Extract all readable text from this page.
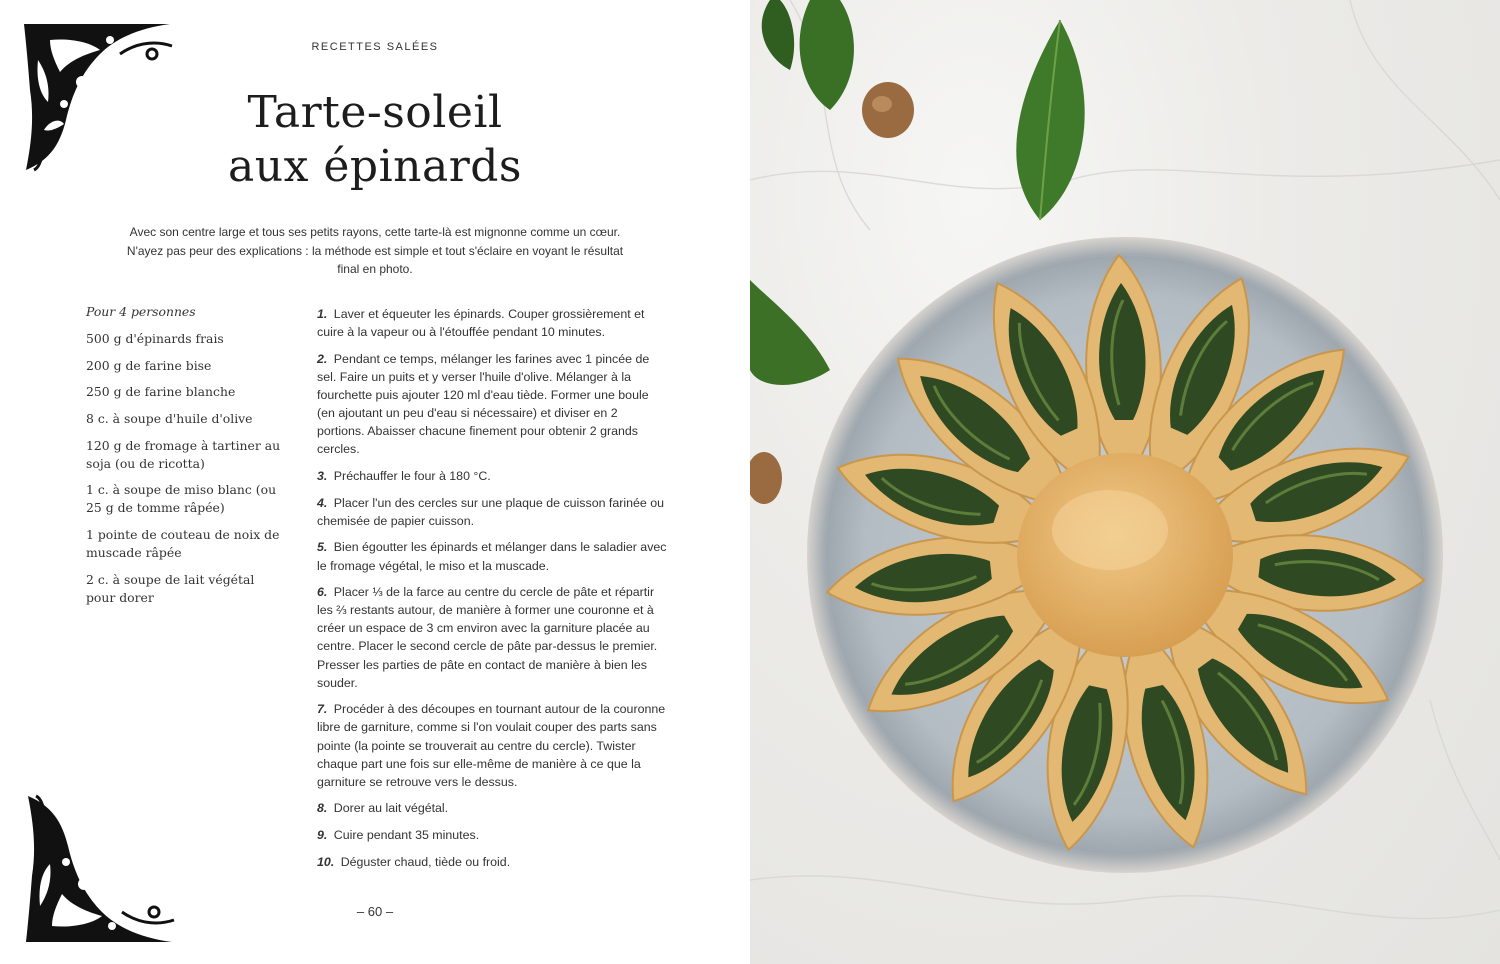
RECETTES SALÉES
Tarte-soleil
aux épinards

Avec son centre large et tous ses petits rayons, cette tarte-là est mignonne comme un cœur. N'ayez pas peur des explications : la méthode est simple et tout s'éclaire en voyant le résultat final en photo.

Pour 4 personnes

500 g d'épinards frais
200 g de farine bise
250 g de farine blanche
8 c. à soupe d'huile d'olive
120 g de fromage à tartiner au soja (ou de ricotta)
1 c. à soupe de miso blanc (ou 25 g de tomme râpée)
1 pointe de couteau de noix de muscade râpée
2 c. à soupe de lait végétal pour dorer
1. Laver et équeuter les épinards. Couper grossièrement et cuire à la vapeur ou à l'étouffée pendant 10 minutes.
2. Pendant ce temps, mélanger les farines avec 1 pincée de sel. Faire un puits et y verser l'huile d'olive. Mélanger à la fourchette puis ajouter 120 ml d'eau tiède. Former une boule (en ajoutant un peu d'eau si nécessaire) et diviser en 2 portions. Abaisser chacune finement pour obtenir 2 grands cercles.
3. Préchauffer le four à 180 °C.
4. Placer l'un des cercles sur une plaque de cuisson farinée ou chemisée de papier cuisson.
5. Bien égoutter les épinards et mélanger dans le saladier avec le fromage végétal, le miso et la muscade.
6. Placer ⅓ de la farce au centre du cercle de pâte et répartir les ⅔ restants autour, de manière à former une couronne et à créer un espace de 3 cm environ avec la garniture placée au centre. Placer le second cercle de pâte par-dessus le premier. Presser les parties de pâte en contact de manière à bien les souder.
7. Procéder à des découpes en tournant autour de la couronne libre de garniture, comme si l'on voulait couper des parts sans pointe (la pointe se trouverait au centre du cercle). Twister chaque part une fois sur elle-même de manière à ce que la garniture se retrouve vers le dessus.
8. Dorer au lait végétal.
9. Cuire pendant 35 minutes.
10. Déguster chaud, tiède ou froid.
– 60 –
